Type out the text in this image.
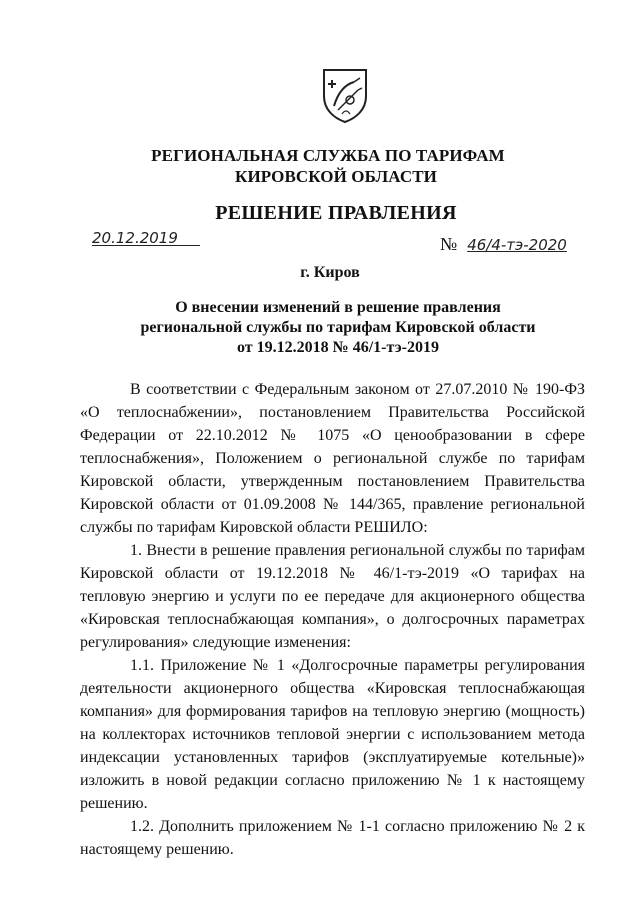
РЕГИОНАЛЬНАЯ СЛУЖБА ПО ТАРИФАМ
КИРОВСКОЙ ОБЛАСТИ
РЕШЕНИЕ ПРАВЛЕНИЯ
20.12.2019	№ 46/4-тэ-2020
г. Киров
О внесении изменений в решение правления
региональной службы по тарифам Кировской области
от 19.12.2018 № 46/1-тэ-2019

В соответствии с Федеральным законом от 27.07.2010 № 190-ФЗ «О теплоснабжении», постановлением Правительства Российской Федерации от 22.10.2012 № 1075 «О ценообразовании в сфере теплоснабжения», Положением о региональной службе по тарифам Кировской области, утвержденным постановлением Правительства Кировской области от 01.09.2008 № 144/365, правление региональной службы по тарифам Кировской области РЕШИЛО:

1. Внести в решение правления региональной службы по тарифам Кировской области от 19.12.2018 № 46/1-тэ-2019 «О тарифах на тепловую энергию и услуги по ее передаче для акционерного общества «Кировская теплоснабжающая компания», о долгосрочных параметрах регулирования» следующие изменения:

1.1. Приложение № 1 «Долгосрочные параметры регулирования деятельности акционерного общества «Кировская теплоснабжающая компания» для формирования тарифов на тепловую энергию (мощность) на коллекторах источников тепловой энергии с использованием метода индексации установленных тарифов (эксплуатируемые котельные)» изложить в новой редакции согласно приложению № 1 к настоящему решению.

1.2. Дополнить приложением № 1-1 согласно приложению № 2 к настоящему решению.
